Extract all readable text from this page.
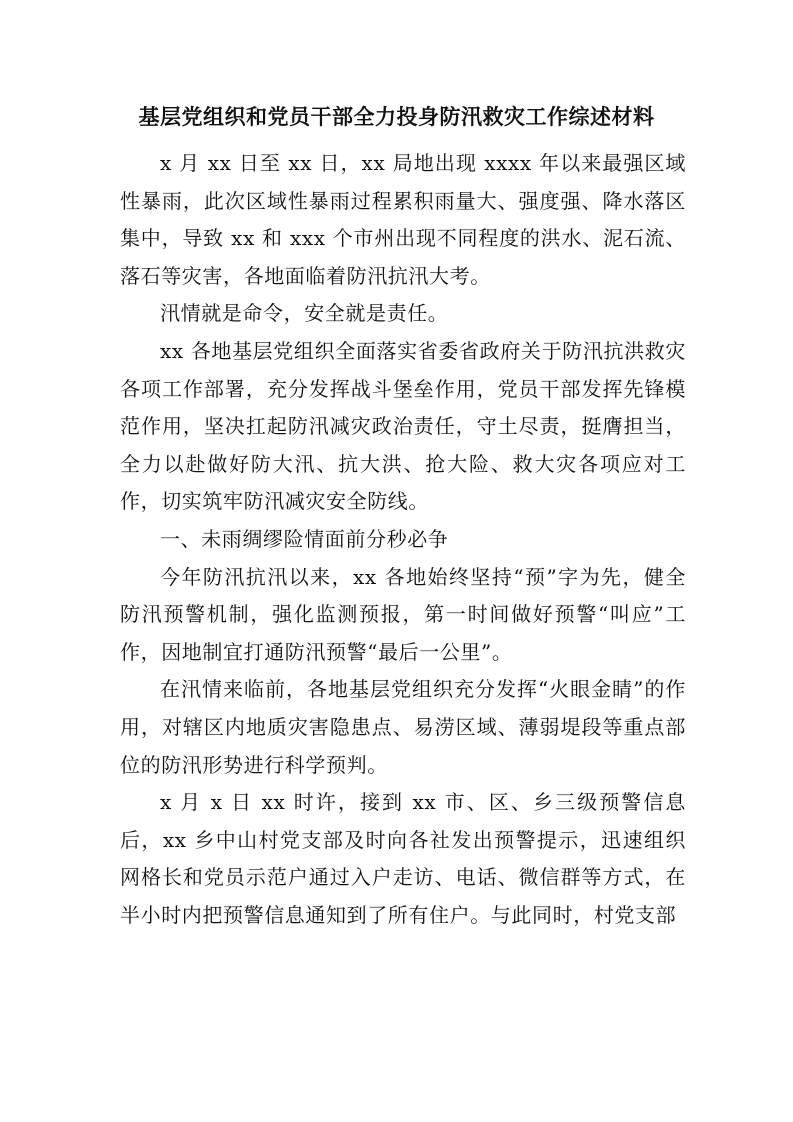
基层党组织和党员干部全力投身防汛救灾工作综述材料

x 月 xx 日至 xx 日，xx 局地出现 xxxx 年以来最强区域性暴雨，此次区域性暴雨过程累积雨量大、强度强、降水落区集中，导致 xx 和 xxx 个市州出现不同程度的洪水、泥石流、落石等灾害，各地面临着防汛抗汛大考。

汛情就是命令，安全就是责任。

xx 各地基层党组织全面落实省委省政府关于防汛抗洪救灾各项工作部署，充分发挥战斗堡垒作用，党员干部发挥先锋模范作用，坚决扛起防汛减灾政治责任，守土尽责，挺膺担当，全力以赴做好防大汛、抗大洪、抢大险、救大灾各项应对工作，切实筑牢防汛减灾安全防线。

一、未雨绸缪险情面前分秒必争

今年防汛抗汛以来，xx 各地始终坚持“预”字为先，健全防汛预警机制，强化监测预报，第一时间做好预警“叫应”工作，因地制宜打通防汛预警“最后一公里”。

在汛情来临前，各地基层党组织充分发挥“火眼金睛”的作用，对辖区内地质灾害隐患点、易涝区域、薄弱堤段等重点部位的防汛形势进行科学预判。

x 月 x 日 xx 时许，接到 xx 市、区、乡三级预警信息后，xx 乡中山村党支部及时向各社发出预警提示，迅速组织网格长和党员示范户通过入户走访、电话、微信群等方式，在半小时内把预警信息通知到了所有住户。与此同时，村党支部
